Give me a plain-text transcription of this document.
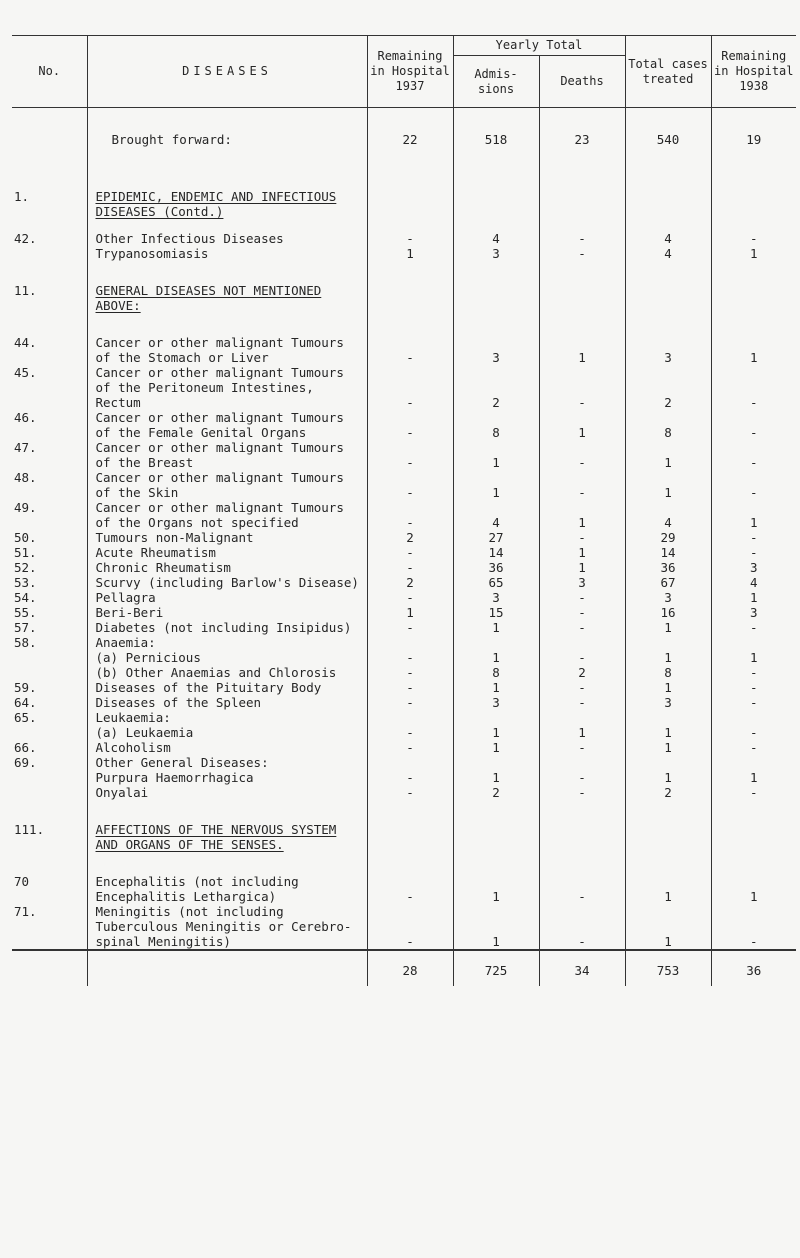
No.	DISEASES	Remaining in Hospital 1937	Yearly Total		Total cases treated	Remaining in Hospital 1938
			Admis- sions	Deaths		
	Brought forward:	22	518	23	540	19
1.	EPIDEMIC, ENDEMIC AND INFECTIOUS DISEASES (Contd.)					
42.	Other Infectious Diseases	-	4	-	4	-
	Trypanosomiasis	1	3	-	4	1
11.	GENERAL DISEASES NOT MENTIONED ABOVE:					
44.	Cancer or other malignant Tumours of the Stomach or Liver	-	3	1	3	1
45.	Cancer or other malignant Tumours of the Peritoneum Intestines, Rectum	-	2	-	2	-
46.	Cancer or other malignant Tumours of the Female Genital Organs	-	8	1	8	-
47.	Cancer or other malignant Tumours of the Breast	-	1	-	1	-
48.	Cancer or other malignant Tumours of the Skin	-	1	-	1	-
49.	Cancer or other malignant Tumours of the Organs not specified	-	4	1	4	1
50.	Tumours non-Malignant	2	27	-	29	-
51.	Acute Rheumatism	-	14	1	14	-
52.	Chronic Rheumatism	-	36	1	36	3
53.	Scurvy (including Barlow's Disease)	2	65	3	67	4
54.	Pellagra	-	3	-	3	1
55.	Beri-Beri	1	15	-	16	3
57.	Diabetes (not including Insipidus)	-	1	-	1	-
58.	Anaemia:					
	(a) Pernicious	-	1	-	1	1
	(b) Other Anaemias and Chlorosis	-	8	2	8	-
59.	Diseases of the Pituitary Body	-	1	-	1	-
64.	Diseases of the Spleen	-	3	-	3	-
65.	Leukaemia:					
	(a) Leukaemia	-	1	1	1	-
66.	Alcoholism	-	1	-	1	-
69.	Other General Diseases:					
	Purpura Haemorrhagica	-	1	-	1	1
	Onyalai	-	2	-	2	-
111.	AFFECTIONS OF THE NERVOUS SYSTEM AND ORGANS OF THE SENSES.					
70	Encephalitis (not including Encephalitis Lethargica)	-	1	-	1	1
71.	Meningitis (not including Tuberculous Meningitis or Cerebro-spinal Meningitis)	-	1	-	1	-
		28	725	34	753	36
